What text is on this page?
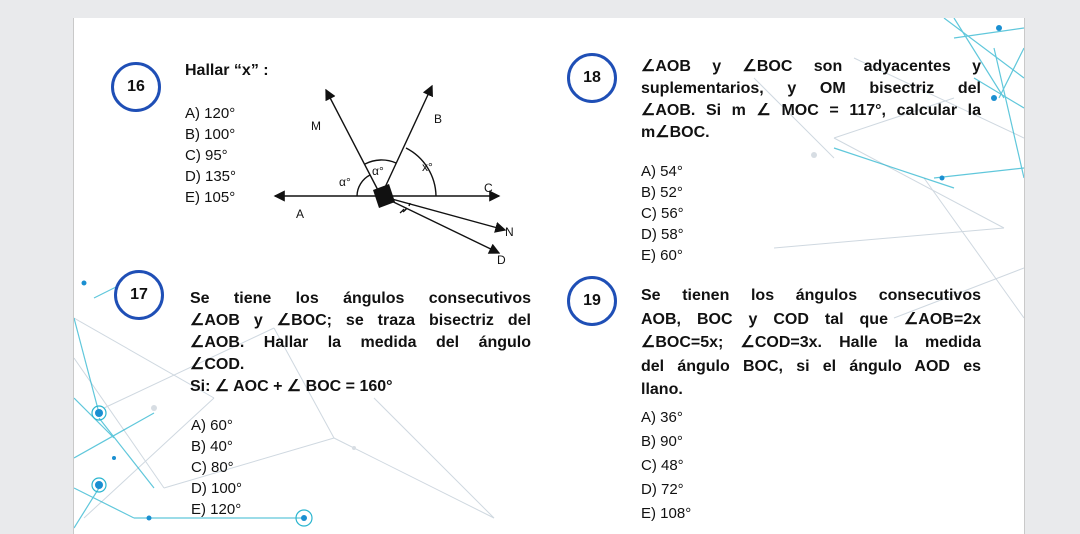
16
Hallar “x” :
A) 120°
B) 100°
C) 95°
D) 135°
E) 105°
M	B
C
A
N
D
α°
α°	x°
17	Se tiene los ángulos consecutivos
∠AOB y ∠BOC; se traza bisectriz del
∠AOB. Hallar la medida del ángulo
∠COD.
Si: ∠ AOC + ∠ BOC = 160°
A) 60°
B) 40°
C) 80°
D) 100°
E) 120°
18
∠AOB y ∠BOC son adyacentes y
suplementarios, y OM bisectriz del
∠AOB. Si m ∠ MOC = 117°, calcular la
m∠BOC.
A) 54°
B) 52°
C) 56°
D) 58°
E) 60°
19	Se tienen los ángulos consecutivos
AOB, BOC y COD tal que ∠AOB=2x
∠BOC=5x; ∠COD=3x. Halle la medida
del ángulo BOC, si el ángulo AOD es
llano.
A) 36°
B) 90°
C) 48°
D) 72°
E) 108°
